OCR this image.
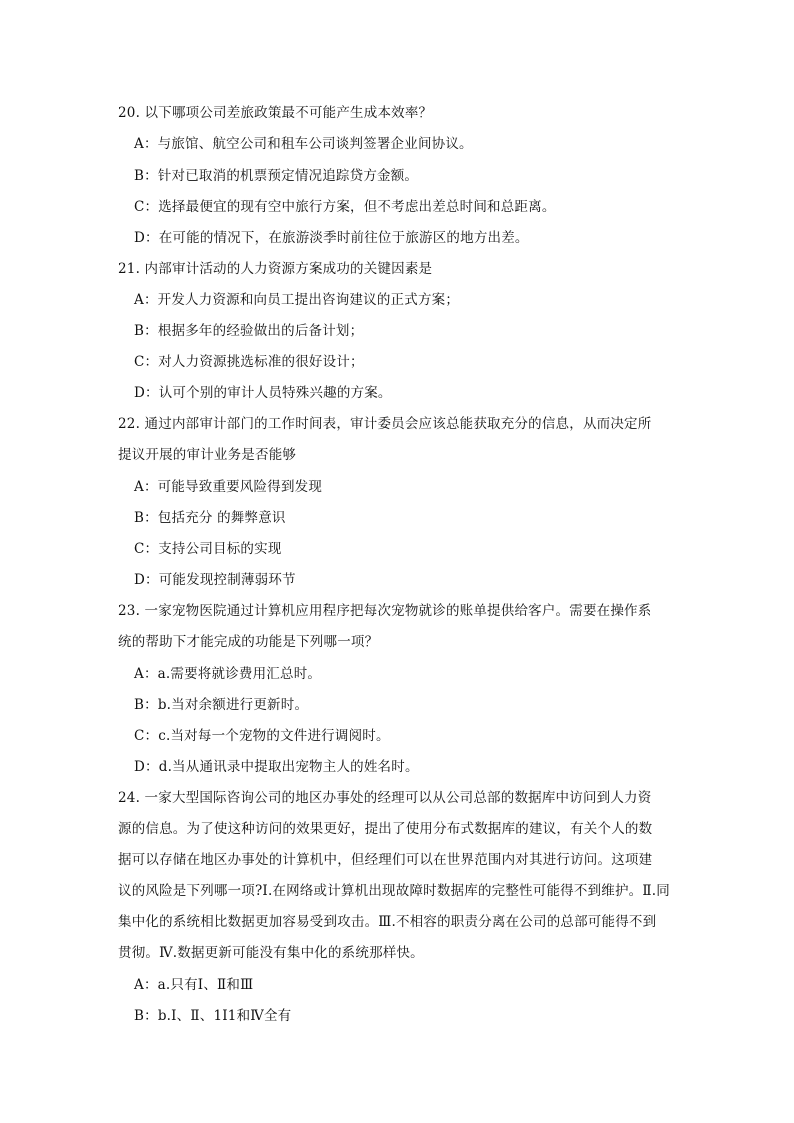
20. 以下哪项公司差旅政策最不可能产生成本效率？
A：与旅馆、航空公司和租车公司谈判签署企业间协议。
B：针对已取消的机票预定情况追踪贷方金额。
C：选择最便宜的现有空中旅行方案，但不考虑出差总时间和总距离。
D：在可能的情况下，在旅游淡季时前往位于旅游区的地方出差。
21. 内部审计活动的人力资源方案成功的关键因素是
A：开发人力资源和向员工提出咨询建议的正式方案；
B：根据多年的经验做出的后备计划；
C：对人力资源挑选标准的很好设计；
D：认可个别的审计人员特殊兴趣的方案。
22. 通过内部审计部门的工作时间表，审计委员会应该总能获取充分的信息，从而决定所
提议开展的审计业务是否能够
A：可能导致重要风险得到发现
B：包括充分 的舞弊意识
C：支持公司目标的实现
D：可能发现控制薄弱环节
23. 一家宠物医院通过计算机应用程序把每次宠物就诊的账单提供给客户。需要在操作系
统的帮助下才能完成的功能是下列哪一项？
A：a.需要将就诊费用汇总时。
B：b.当对余额进行更新时。
C：c.当对每一个宠物的文件进行调阅时。
D：d.当从通讯录中提取出宠物主人的姓名时。
24. 一家大型国际咨询公司的地区办事处的经理可以从公司总部的数据库中访问到人力资
源的信息。为了使这种访问的效果更好，提出了使用分布式数据库的建议，有关个人的数
据可以存储在地区办事处的计算机中，但经理们可以在世界范围内对其进行访问。这项建
议的风险是下列哪一项?I.在网络或计算机出现故障时数据库的完整性可能得不到维护。Ⅱ.同
集中化的系统相比数据更加容易受到攻击。Ⅲ.不相容的职责分离在公司的总部可能得不到
贯彻。Ⅳ.数据更新可能没有集中化的系统那样快。
A：a.只有Ⅰ、Ⅱ和Ⅲ
B：b.Ⅰ、Ⅱ、1I1和Ⅳ全有
